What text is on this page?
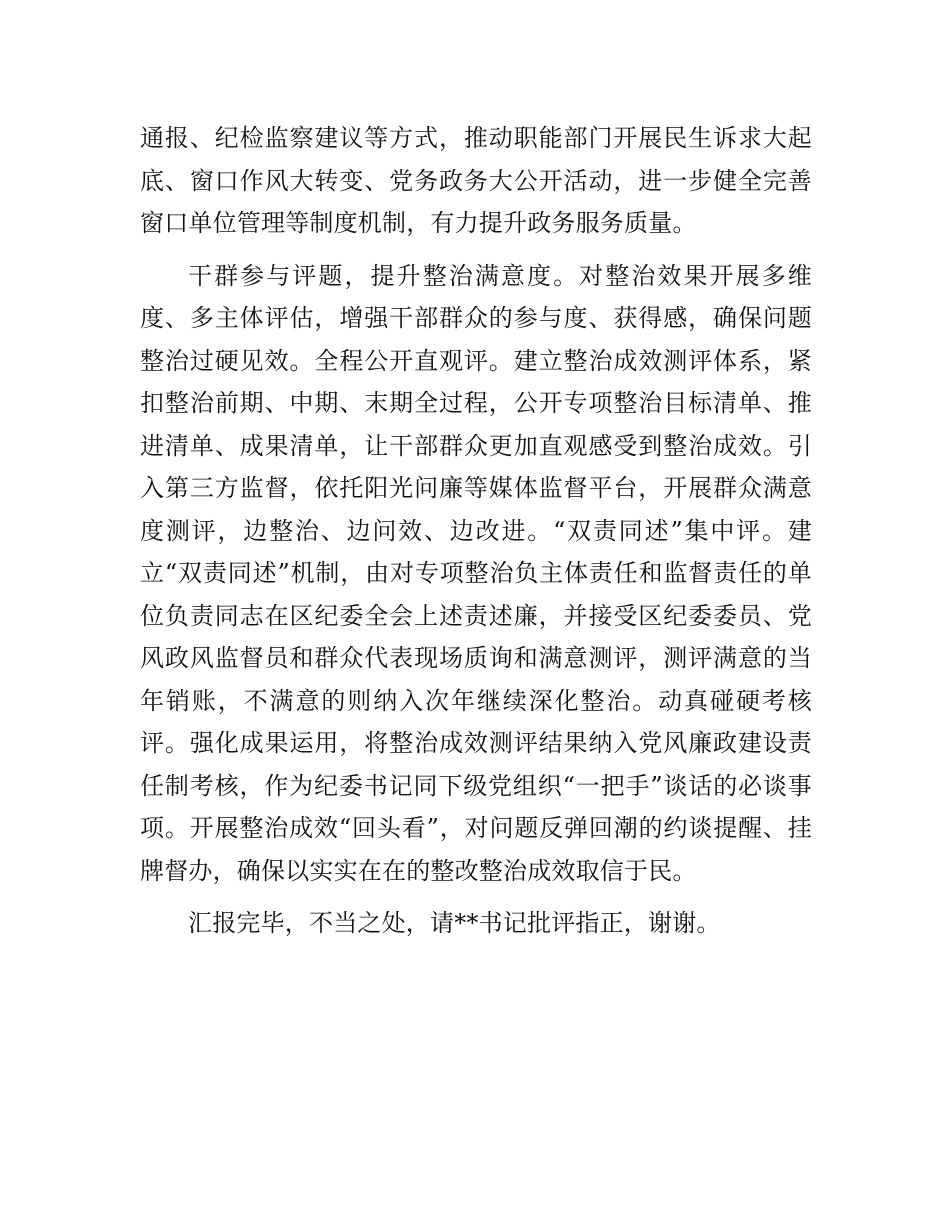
通报、纪检监察建议等方式，推动职能部门开展民生诉求大起底、窗口作风大转变、党务政务大公开活动，进一步健全完善窗口单位管理等制度机制，有力提升政务服务质量。

干群参与评题，提升整治满意度。对整治效果开展多维度、多主体评估，增强干部群众的参与度、获得感，确保问题整治过硬见效。全程公开直观评。建立整治成效测评体系，紧扣整治前期、中期、末期全过程，公开专项整治目标清单、推进清单、成果清单，让干部群众更加直观感受到整治成效。引入第三方监督，依托阳光问廉等媒体监督平台，开展群众满意度测评，边整治、边问效、边改进。“双责同述”集中评。建立“双责同述”机制，由对专项整治负主体责任和监督责任的单位负责同志在区纪委全会上述责述廉，并接受区纪委委员、党风政风监督员和群众代表现场质询和满意测评，测评满意的当年销账，不满意的则纳入次年继续深化整治。动真碰硬考核评。强化成果运用，将整治成效测评结果纳入党风廉政建设责任制考核，作为纪委书记同下级党组织“一把手”谈话的必谈事项。开展整治成效“回头看”，对问题反弹回潮的约谈提醒、挂牌督办，确保以实实在在的整改整治成效取信于民。

汇报完毕，不当之处，请**书记批评指正，谢谢。
